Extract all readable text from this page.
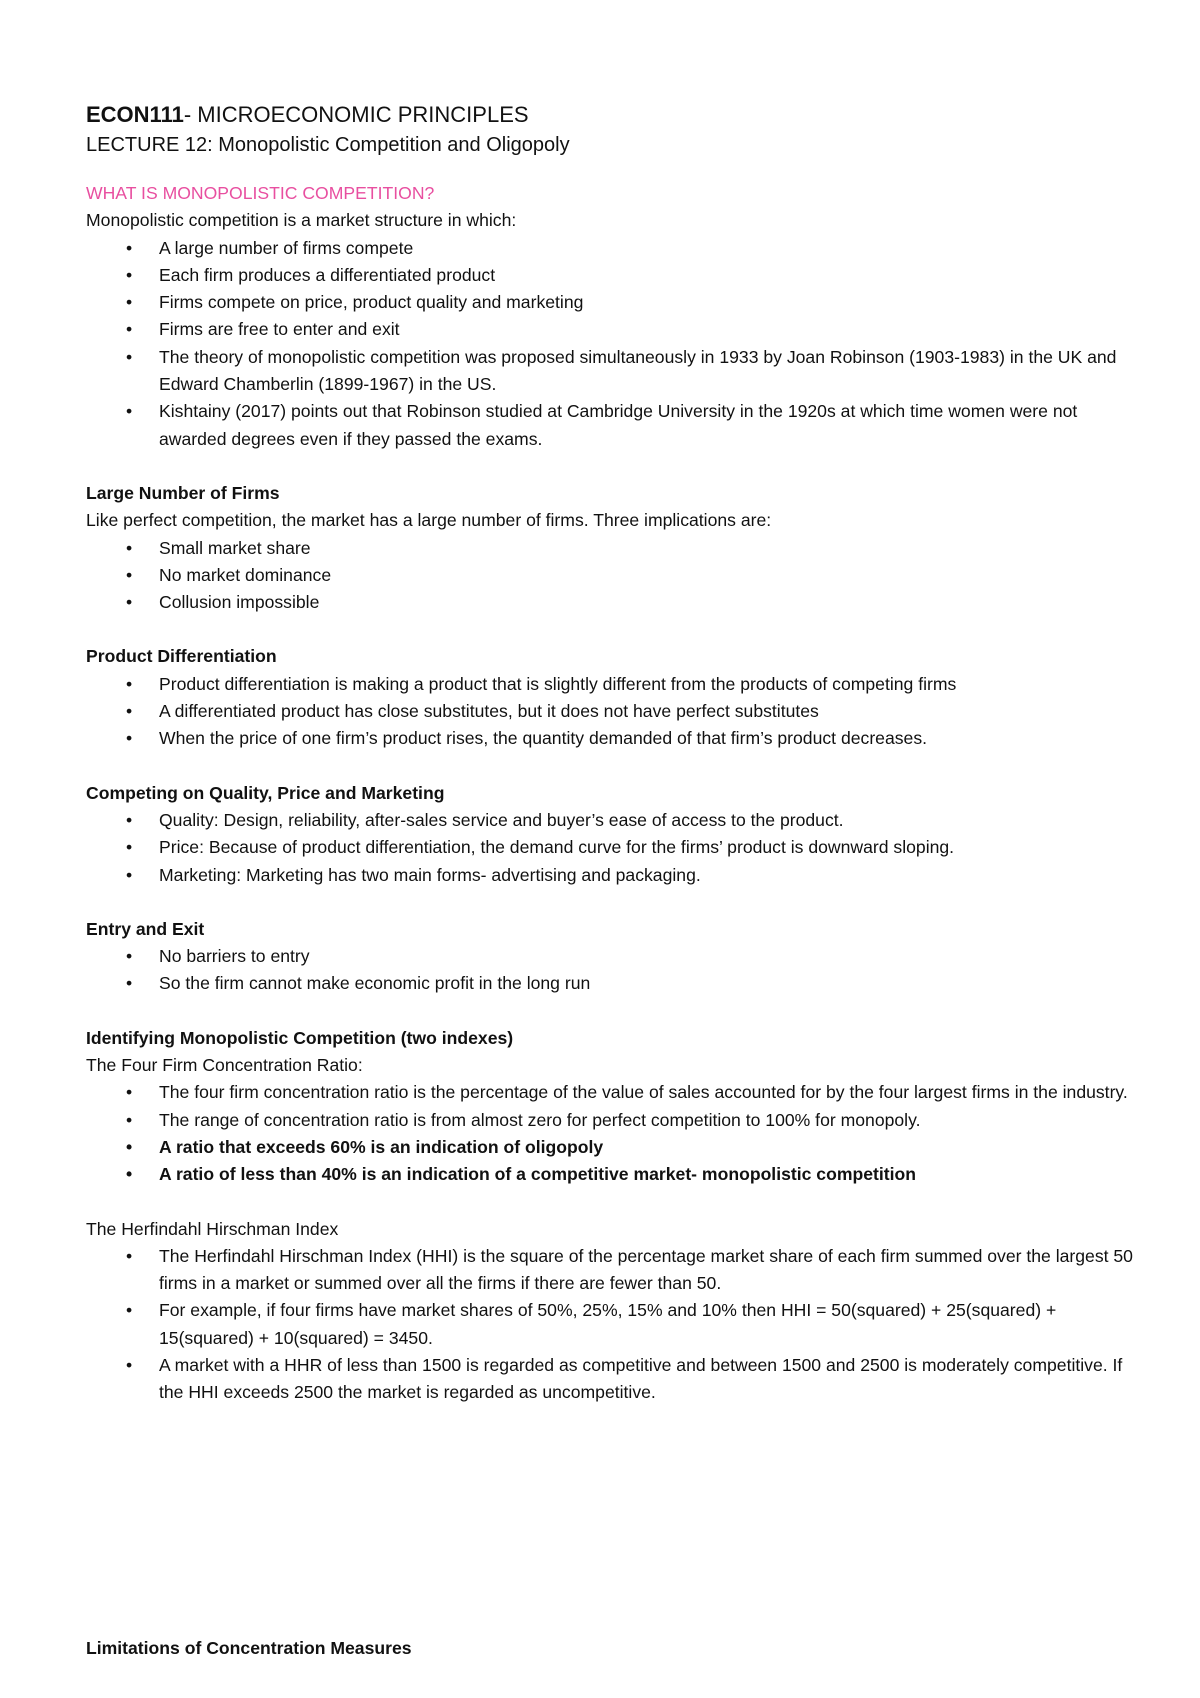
ECON111- MICROECONOMIC PRINCIPLES

LECTURE 12: Monopolistic Competition and Oligopoly

WHAT IS MONOPOLISTIC COMPETITION?

Monopolistic competition is a market structure in which:

• A large number of firms compete
• Each firm produces a differentiated product
• Firms compete on price, product quality and marketing
• Firms are free to enter and exit
• The theory of monopolistic competition was proposed simultaneously in 1933 by Joan Robinson (1903-1983) in the UK and Edward Chamberlin (1899-1967) in the US.
• Kishtainy (2017) points out that Robinson studied at Cambridge University in the 1920s at which time women were not awarded degrees even if they passed the exams.

Large Number of Firms

Like perfect competition, the market has a large number of firms. Three implications are:

• Small market share
• No market dominance
• Collusion impossible

Product Differentiation

• Product differentiation is making a product that is slightly different from the products of competing firms
• A differentiated product has close substitutes, but it does not have perfect substitutes
• When the price of one firm’s product rises, the quantity demanded of that firm’s product decreases.

Competing on Quality, Price and Marketing

• Quality: Design, reliability, after-sales service and buyer’s ease of access to the product.
• Price: Because of product differentiation, the demand curve for the firms’ product is downward sloping.
• Marketing: Marketing has two main forms- advertising and packaging.

Entry and Exit

• No barriers to entry
• So the firm cannot make economic profit in the long run

Identifying Monopolistic Competition (two indexes)

The Four Firm Concentration Ratio:

• The four firm concentration ratio is the percentage of the value of sales accounted for by the four largest firms in the industry.
• The range of concentration ratio is from almost zero for perfect competition to 100% for monopoly.
• A ratio that exceeds 60% is an indication of oligopoly
• A ratio of less than 40% is an indication of a competitive market- monopolistic competition

The Herfindahl Hirschman Index

• The Herfindahl Hirschman Index (HHI) is the square of the percentage market share of each firm summed over the largest 50 firms in a market or summed over all the firms if there are fewer than 50.
• For example, if four firms have market shares of 50%, 25%, 15% and 10% then HHI = 50(squared) + 25(squared) + 15(squared) + 10(squared) = 3450.
• A market with a HHR of less than 1500 is regarded as competitive and between 1500 and 2500 is moderately competitive. If the HHI exceeds 2500 the market is regarded as uncompetitive.

Limitations of Concentration Measures
